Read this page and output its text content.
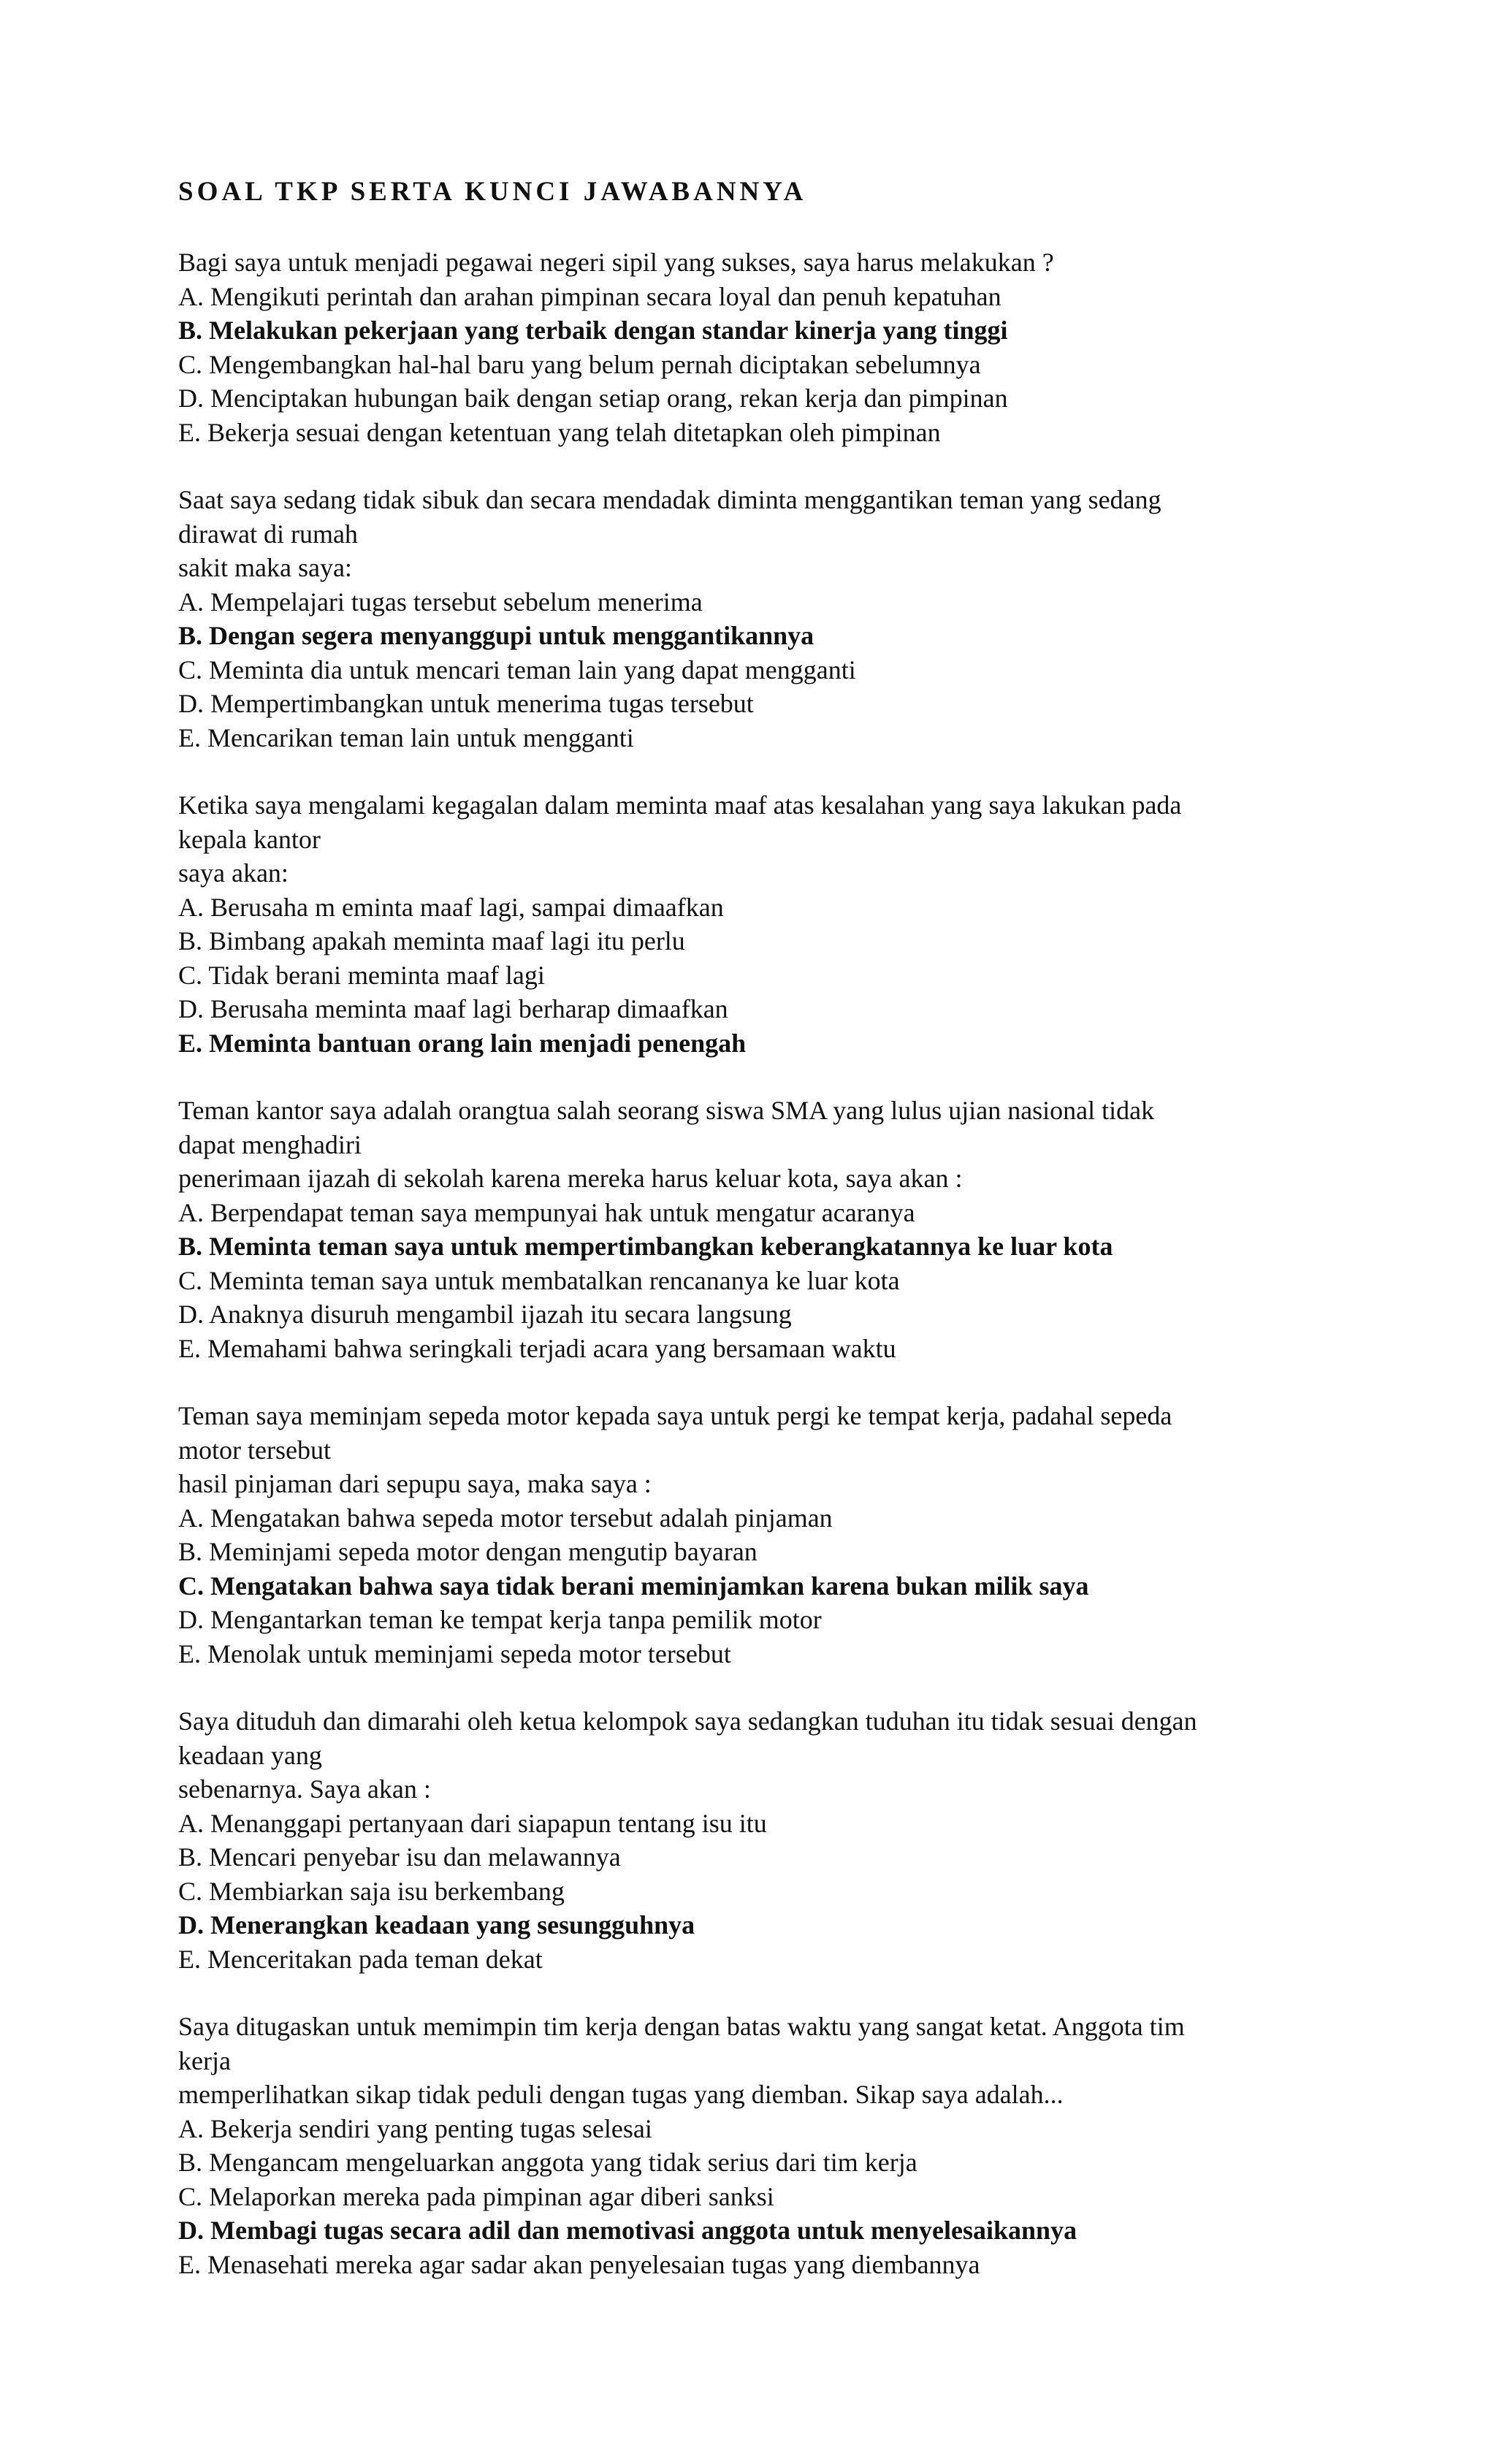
SOAL TKP SERTA KUNCI JAWABANNYA
Bagi saya untuk menjadi pegawai negeri sipil yang sukses, saya harus melakukan ?
A. Mengikuti perintah dan arahan pimpinan secara loyal dan penuh kepatuhan
B. Melakukan pekerjaan yang terbaik dengan standar kinerja yang tinggi
C. Mengembangkan hal-hal baru yang belum pernah diciptakan sebelumnya
D. Menciptakan hubungan baik dengan setiap orang, rekan kerja dan pimpinan
E. Bekerja sesuai dengan ketentuan yang telah ditetapkan oleh pimpinan
Saat saya sedang tidak sibuk dan secara mendadak diminta menggantikan teman yang sedang
dirawat di rumah
sakit maka saya:
A. Mempelajari tugas tersebut sebelum menerima
B. Dengan segera menyanggupi untuk menggantikannya
C. Meminta dia untuk mencari teman lain yang dapat mengganti
D. Mempertimbangkan untuk menerima tugas tersebut
E. Mencarikan teman lain untuk mengganti
Ketika saya mengalami kegagalan dalam meminta maaf atas kesalahan yang saya lakukan pada
kepala kantor
saya akan:
A. Berusaha m eminta maaf lagi, sampai dimaafkan
B. Bimbang apakah meminta maaf lagi itu perlu
C. Tidak berani meminta maaf lagi
D. Berusaha meminta maaf lagi berharap dimaafkan
E. Meminta bantuan orang lain menjadi penengah
Teman kantor saya adalah orangtua salah seorang siswa SMA yang lulus ujian nasional tidak
dapat menghadiri
penerimaan ijazah di sekolah karena mereka harus keluar kota, saya akan :
A. Berpendapat teman saya mempunyai hak untuk mengatur acaranya
B. Meminta teman saya untuk mempertimbangkan keberangkatannya ke luar kota
C. Meminta teman saya untuk membatalkan rencananya ke luar kota
D. Anaknya disuruh mengambil ijazah itu secara langsung
E. Memahami bahwa seringkali terjadi acara yang bersamaan waktu
Teman saya meminjam sepeda motor kepada saya untuk pergi ke tempat kerja, padahal sepeda
motor tersebut
hasil pinjaman dari sepupu saya, maka saya :
A. Mengatakan bahwa sepeda motor tersebut adalah pinjaman
B. Meminjami sepeda motor dengan mengutip bayaran
C. Mengatakan bahwa saya tidak berani meminjamkan karena bukan milik saya
D. Mengantarkan teman ke tempat kerja tanpa pemilik motor
E. Menolak untuk meminjami sepeda motor tersebut
Saya dituduh dan dimarahi oleh ketua kelompok saya sedangkan tuduhan itu tidak sesuai dengan
keadaan yang
sebenarnya. Saya akan :
A. Menanggapi pertanyaan dari siapapun tentang isu itu
B. Mencari penyebar isu dan melawannya
C. Membiarkan saja isu berkembang
D. Menerangkan keadaan yang sesungguhnya
E. Menceritakan pada teman dekat
Saya ditugaskan untuk memimpin tim kerja dengan batas waktu yang sangat ketat. Anggota tim
kerja
memperlihatkan sikap tidak peduli dengan tugas yang diemban. Sikap saya adalah...
A. Bekerja sendiri yang penting tugas selesai
B. Mengancam mengeluarkan anggota yang tidak serius dari tim kerja
C. Melaporkan mereka pada pimpinan agar diberi sanksi
D. Membagi tugas secara adil dan memotivasi anggota untuk menyelesaikannya
E. Menasehati mereka agar sadar akan penyelesaian tugas yang diembannya
